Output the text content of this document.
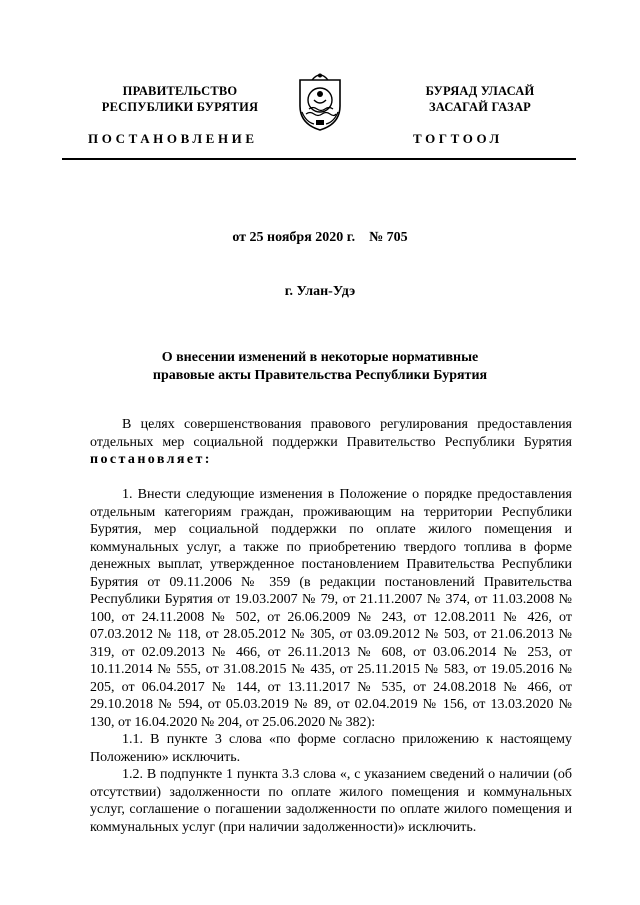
ПРАВИТЕЛЬСТВО
РЕСПУБЛИКИ БУРЯТИЯ
БУРЯАД УЛАСАЙ
ЗАСАГАЙ ГАЗАР
ПОСТАНОВЛЕНИЕ	ТОГТООЛ
от 25 ноября 2020 г.    № 705
г. Улан-Удэ
О внесении изменений в некоторые нормативные
правовые акты Правительства Республики Бурятия

В целях совершенствования правового регулирования предоставления отдельных мер социальной поддержки Правительство Республики Бурятия постановляет:

1. Внести следующие изменения в Положение о порядке предоставления отдельным категориям граждан, проживающим на территории Республики Бурятия, мер социальной поддержки по оплате жилого помещения и коммунальных услуг, а также по приобретению твердого топлива в форме денежных выплат, утвержденное постановлением Правительства Республики Бурятия от 09.11.2006 № 359 (в редакции постановлений Правительства Республики Бурятия от 19.03.2007 № 79, от 21.11.2007 № 374, от 11.03.2008 № 100, от 24.11.2008 № 502, от 26.06.2009 № 243, от 12.08.2011 № 426, от 07.03.2012 № 118, от 28.05.2012 № 305, от 03.09.2012 № 503, от 21.06.2013 № 319, от 02.09.2013 № 466, от 26.11.2013 № 608, от 03.06.2014 № 253, от 10.11.2014 № 555, от 31.08.2015 № 435, от 25.11.2015 № 583, от 19.05.2016 № 205, от 06.04.2017 № 144, от 13.11.2017 № 535, от 24.08.2018 № 466, от 29.10.2018 № 594, от 05.03.2019 № 89, от 02.04.2019 № 156, от 13.03.2020 № 130, от 16.04.2020 № 204, от 25.06.2020 № 382):

1.1. В пункте 3 слова «по форме согласно приложению к настоящему Положению» исключить.

1.2. В подпункте 1 пункта 3.3 слова «, с указанием сведений о наличии (об отсутствии) задолженности по оплате жилого помещения и коммунальных услуг, соглашение о погашении задолженности по оплате жилого помещения и коммунальных услуг (при наличии задолженности)» исключить.
